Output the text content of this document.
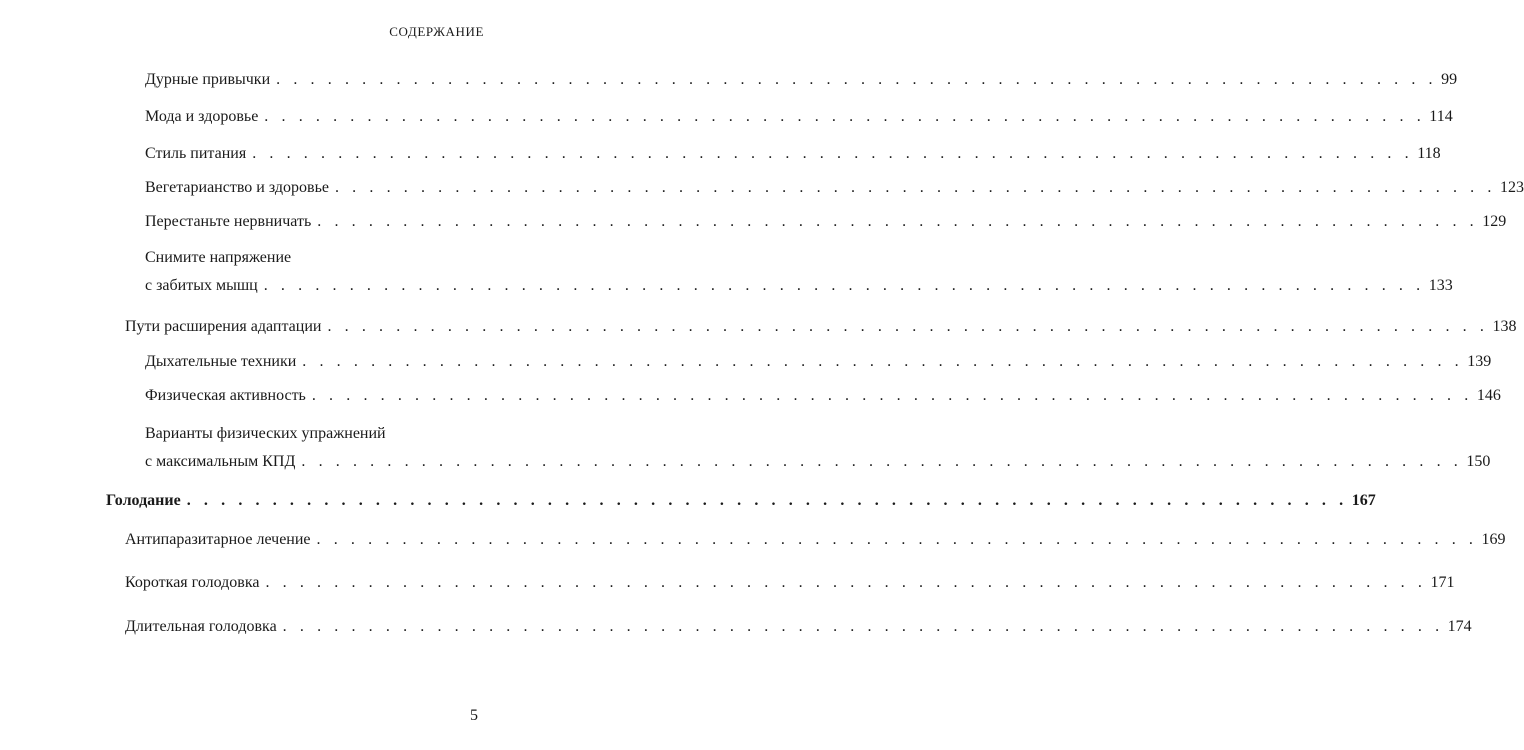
СОДЕРЖАНИЕ
Дурные привычки . . . . . . . . . . . . . . . . . . . . . . . . . . . . . . . . . . . . . . . . . . . . . . . . . . . . . . . . . . . . . . . . . . . . 99
Мода и здоровье . . . . . . . . . . . . . . . . . . . . . . . . . . . . . . . . . . . . . . . . . . . . . . . . . . . . . . . . . . . . . . . . . . . . 114
Стиль питания . . . . . . . . . . . . . . . . . . . . . . . . . . . . . . . . . . . . . . . . . . . . . . . . . . . . . . . . . . . . . . . . . . . . 118
Вегетарианство и здоровье . . . . . . . . . . . . . . . . . . . . . . . . . . . . . . . . . . . . . . . . . . . . . . . . . . . . . . . . . . . . . . . . . . . . 123
Перестаньте нервничать . . . . . . . . . . . . . . . . . . . . . . . . . . . . . . . . . . . . . . . . . . . . . . . . . . . . . . . . . . . . . . . . . . . . 129
Снимите напряжение
с забитых мышц . . . . . . . . . . . . . . . . . . . . . . . . . . . . . . . . . . . . . . . . . . . . . . . . . . . . . . . . . . . . . . . . . . . . 133
Пути расширения адаптации . . . . . . . . . . . . . . . . . . . . . . . . . . . . . . . . . . . . . . . . . . . . . . . . . . . . . . . . . . . . . . . . . . . . 138
Дыхательные техники . . . . . . . . . . . . . . . . . . . . . . . . . . . . . . . . . . . . . . . . . . . . . . . . . . . . . . . . . . . . . . . . . . . . 139
Физическая активность . . . . . . . . . . . . . . . . . . . . . . . . . . . . . . . . . . . . . . . . . . . . . . . . . . . . . . . . . . . . . . . . . . . . 146
Варианты физических упражнений
с максимальным КПД . . . . . . . . . . . . . . . . . . . . . . . . . . . . . . . . . . . . . . . . . . . . . . . . . . . . . . . . . . . . . . . . . . . . 150
Голодание . . . . . . . . . . . . . . . . . . . . . . . . . . . . . . . . . . . . . . . . . . . . . . . . . . . . . . . . . . . . . . . . . . . . 167
Антипаразитарное лечение . . . . . . . . . . . . . . . . . . . . . . . . . . . . . . . . . . . . . . . . . . . . . . . . . . . . . . . . . . . . . . . . . . . . 169
Короткая голодовка . . . . . . . . . . . . . . . . . . . . . . . . . . . . . . . . . . . . . . . . . . . . . . . . . . . . . . . . . . . . . . . . . . . . 171
Длительная голодовка . . . . . . . . . . . . . . . . . . . . . . . . . . . . . . . . . . . . . . . . . . . . . . . . . . . . . . . . . . . . . . . . . . . . 174
5
